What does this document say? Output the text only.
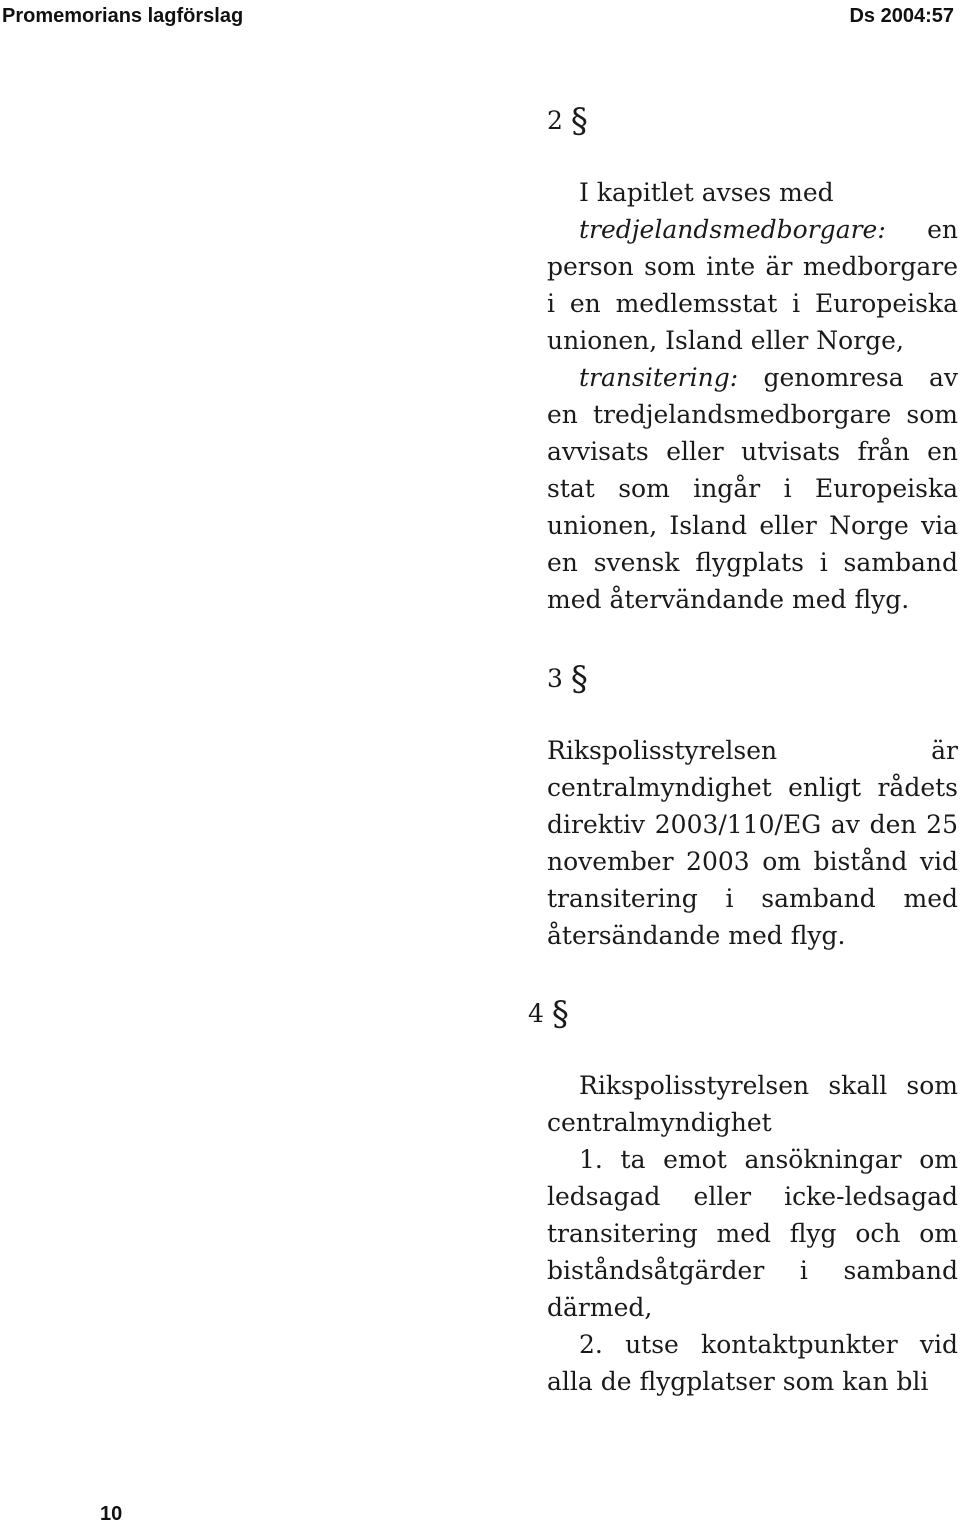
Promemorians lagförslag	Ds 2004:57
2 §

I kapitlet avses med

tredjelandsmedborgare: en person som inte är medborgare i en medlemsstat i Europeiska unionen, Island eller Norge,

transitering: genomresa av en tredjelandsmedborgare som avvisats eller utvisats från en stat som ingår i Europeiska unionen, Island eller Norge via en svensk flygplats i samband med återvändande med flyg.

3 §

Rikspolisstyrelsen är centralmyndighet enligt rådets direktiv 2003/110/EG av den 25 november 2003 om bistånd vid transitering i samband med återsändande med flyg.

4 §

Rikspolisstyrelsen skall som centralmyndighet

1. ta emot ansökningar om ledsagad eller icke-ledsagad transitering med flyg och om biståndsåtgärder i samband därmed,

2. utse kontaktpunkter vid alla de flygplatser som kan bli

10
